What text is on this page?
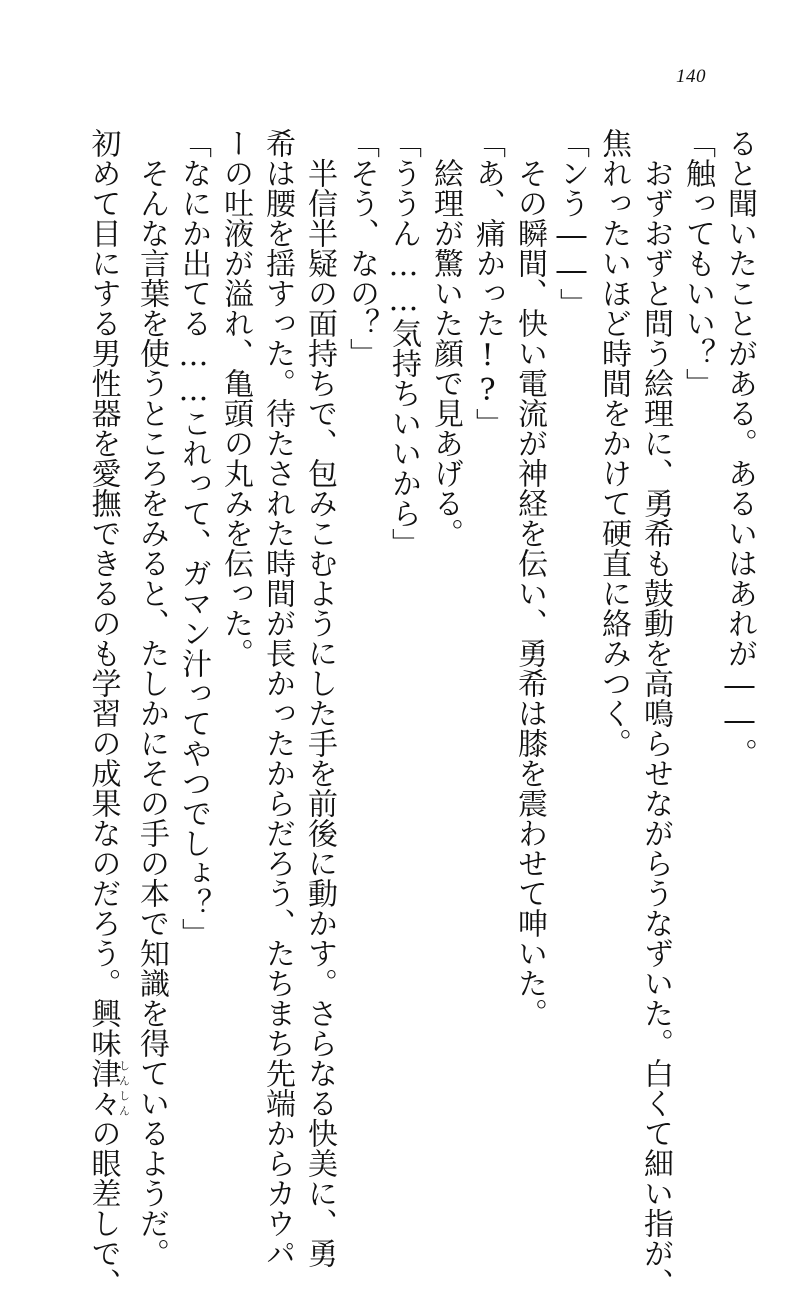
140
ると聞いたことがある。あるいはあれが――。
「触ってもいい？」
　おずおずと問う絵理に、勇希も鼓動を高鳴らせながらうなずいた。白くて細い指が、
焦れったいほど時間をかけて硬直に絡みつく。
「ンう――」
　その瞬間、快い電流が神経を伝い、勇希は膝を震わせて呻いた。
「あ、痛かった!?」
　絵理が驚いた顔で見あげる。
「ううん……気持ちいいから」
「そう、なの？」
　半信半疑の面持ちで、包みこむようにした手を前後に動かす。さらなる快美に、勇
希は腰を揺すった。待たされた時間が長かったからだろう、たちまち先端からカウパ
ーの吐液が溢れ、亀頭の丸みを伝った。
「なにか出てる……これって、ガマン汁ってやつでしょ？」
　そんな言葉を使うところをみると、たしかにその手の本で知識を得ているようだ。
初めて目にする男性器を愛撫できるのも学習の成果なのだろう。興味津々しんしんの眼差しで、
